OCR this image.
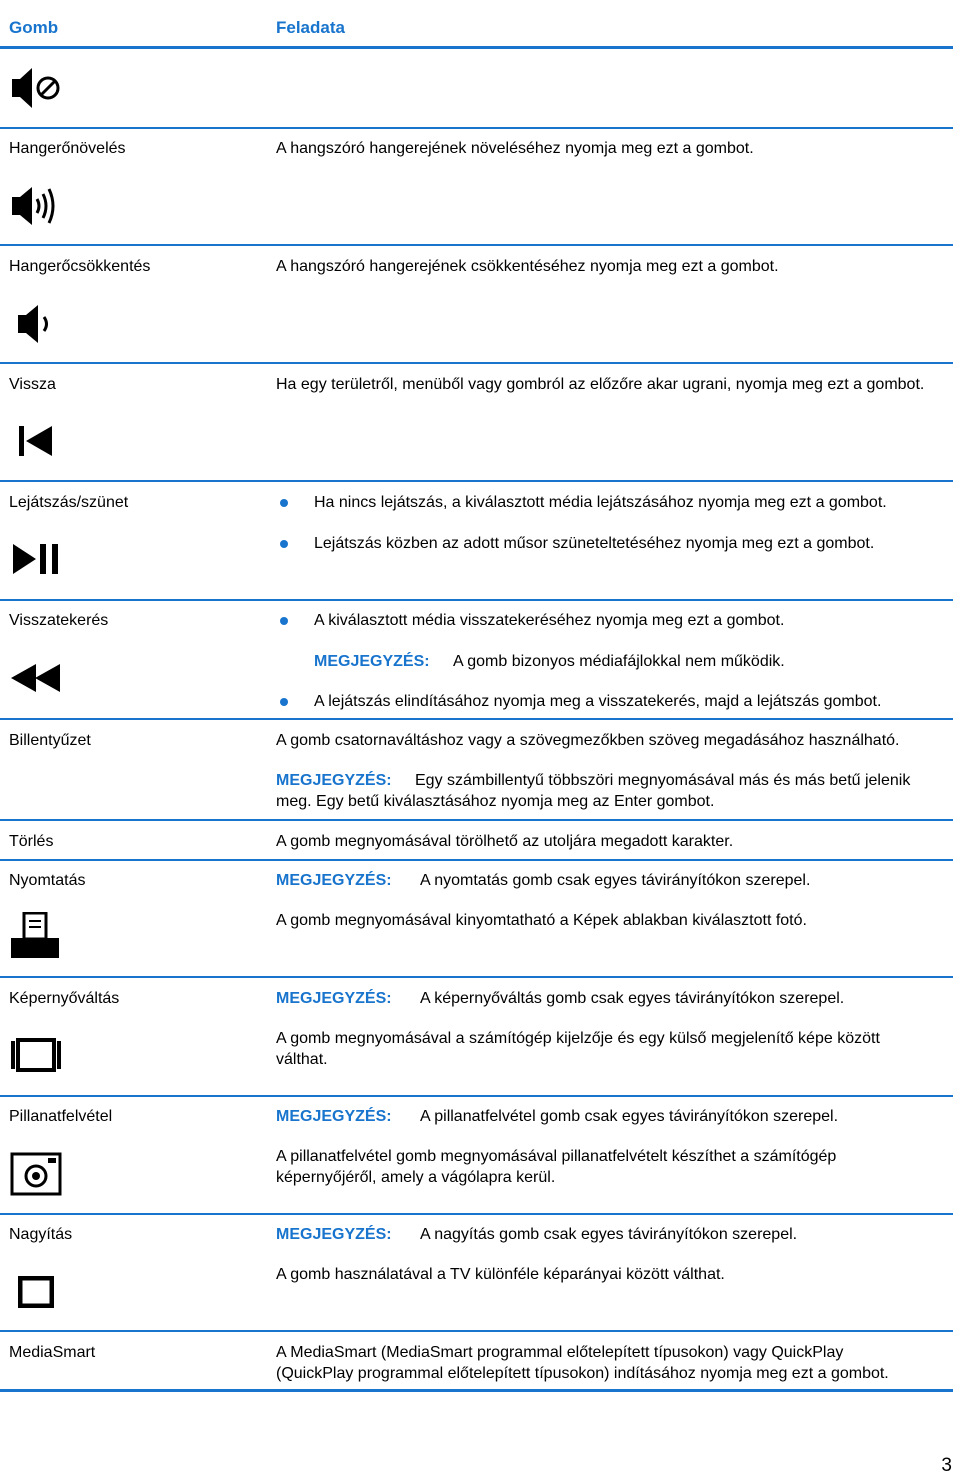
Gomb	Feladata
Hangerőnövelés	A hangszóró hangerejének növeléséhez nyomja meg ezt a gombot.
Hangerőcsökkentés	A hangszóró hangerejének csökkentéséhez nyomja meg ezt a gombot.
Vissza	Ha egy területről, menüből vagy gombról az előzőre akar ugrani, nyomja meg ezt a gombot.
Lejátszás/szünet	Ha nincs lejátszás, a kiválasztott média lejátszásához nyomja meg ezt a gombot.
Lejátszás közben az adott műsor szüneteltetéséhez nyomja meg ezt a gombot.
Visszatekerés	A kiválasztott média visszatekeréséhez nyomja meg ezt a gombot.
MEGJEGYZÉS: A gomb bizonyos médiafájlokkal nem működik.
A lejátszás elindításához nyomja meg a visszatekerés, majd a lejátszás gombot.
Billentyűzet	A gomb csatornaváltáshoz vagy a szövegmezőkben szöveg megadásához használható.
MEGJEGYZÉS: Egy számbillentyű többszöri megnyomásával más és más betű jelenik
meg. Egy betű kiválasztásához nyomja meg az Enter gombot.
Törlés	A gomb megnyomásával törölhető az utoljára megadott karakter.
Nyomtatás	MEGJEGYZÉS: A nyomtatás gomb csak egyes távirányítókon szerepel.
A gomb megnyomásával kinyomtatható a Képek ablakban kiválasztott fotó.
Képernyőváltás	MEGJEGYZÉS: A képernyőváltás gomb csak egyes távirányítókon szerepel.
A gomb megnyomásával a számítógép kijelzője és egy külső megjelenítő képe között
válthat.
Pillanatfelvétel	MEGJEGYZÉS: A pillanatfelvétel gomb csak egyes távirányítókon szerepel.
A pillanatfelvétel gomb megnyomásával pillanatfelvételt készíthet a számítógép
képernyőjéről, amely a vágólapra kerül.
Nagyítás	MEGJEGYZÉS: A nagyítás gomb csak egyes távirányítókon szerepel.
A gomb használatával a TV különféle képarányai között válthat.
MediaSmart	A MediaSmart (MediaSmart programmal előtelepített típusokon) vagy QuickPlay
(QuickPlay programmal előtelepített típusokon) indításához nyomja meg ezt a gombot.
3
